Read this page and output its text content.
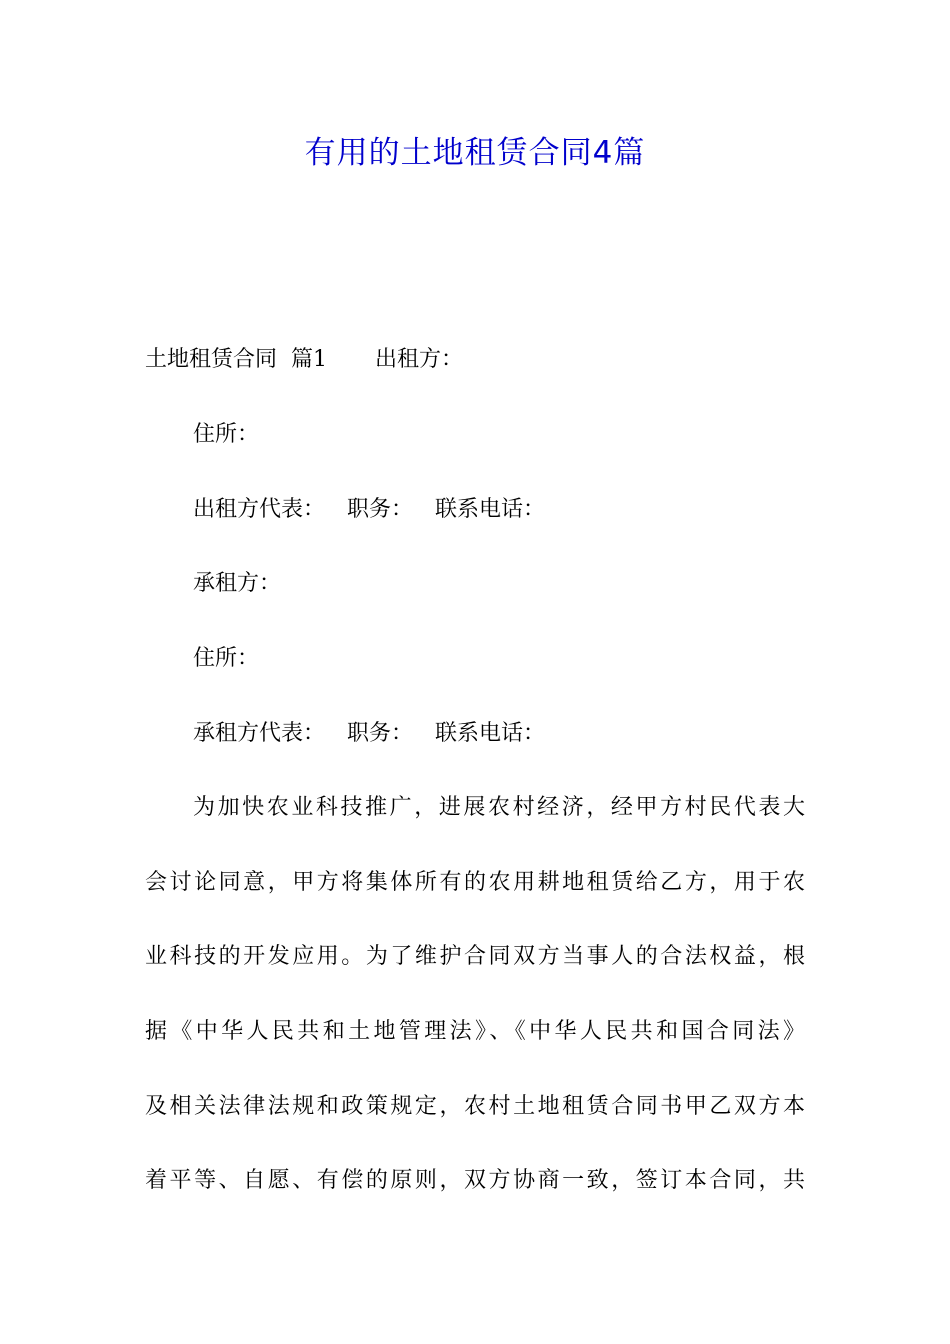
有用的土地租赁合同4篇
土地租赁合同 篇1 出租方：
住所：
出租方代表： 职务： 联系电话：
承租方：
住所：
承租方代表： 职务： 联系电话：
为加快农业科技推广，进展农村经济，经甲方村民代表大
会讨论同意，甲方将集体所有的农用耕地租赁给乙方，用于农
业科技的开发应用。为了维护合同双方当事人的合法权益，根
据《中华人民共和土地管理法》、《中华人民共和国合同法》
及相关法律法规和政策规定，农村土地租赁合同书甲乙双方本
着平等、自愿、有偿的原则，双方协商一致，签订本合同，共
